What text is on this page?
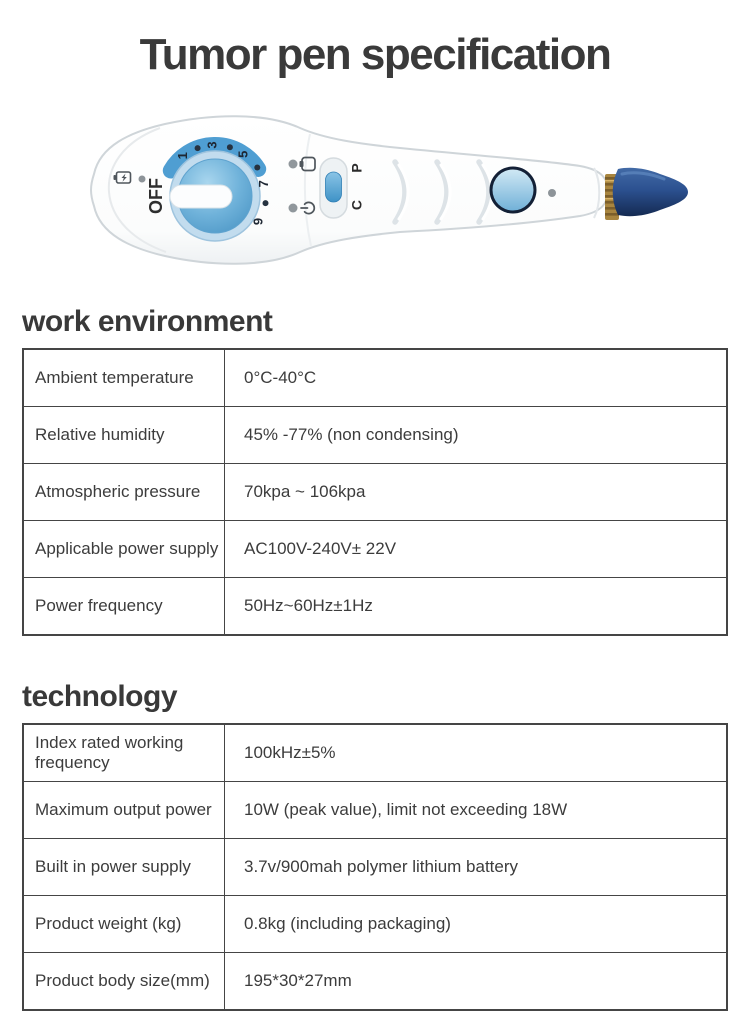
Tumor pen specification
OFF
1
3
5
7
9
P
C
work environment
Ambient temperature	0°C-40°C
Relative humidity	45% -77% (non condensing)
Atmospheric pressure	70kpa ~ 106kpa
Applicable power supply	AC100V-240V± 22V
Power frequency	50Hz~60Hz±1Hz
technology
Index rated working frequency	100kHz±5%
Maximum output power	10W (peak value), limit not exceeding 18W
Built in power supply	3.7v/900mah polymer lithium battery
Product weight (kg)	0.8kg (including packaging)
Product body size(mm)	195*30*27mm
